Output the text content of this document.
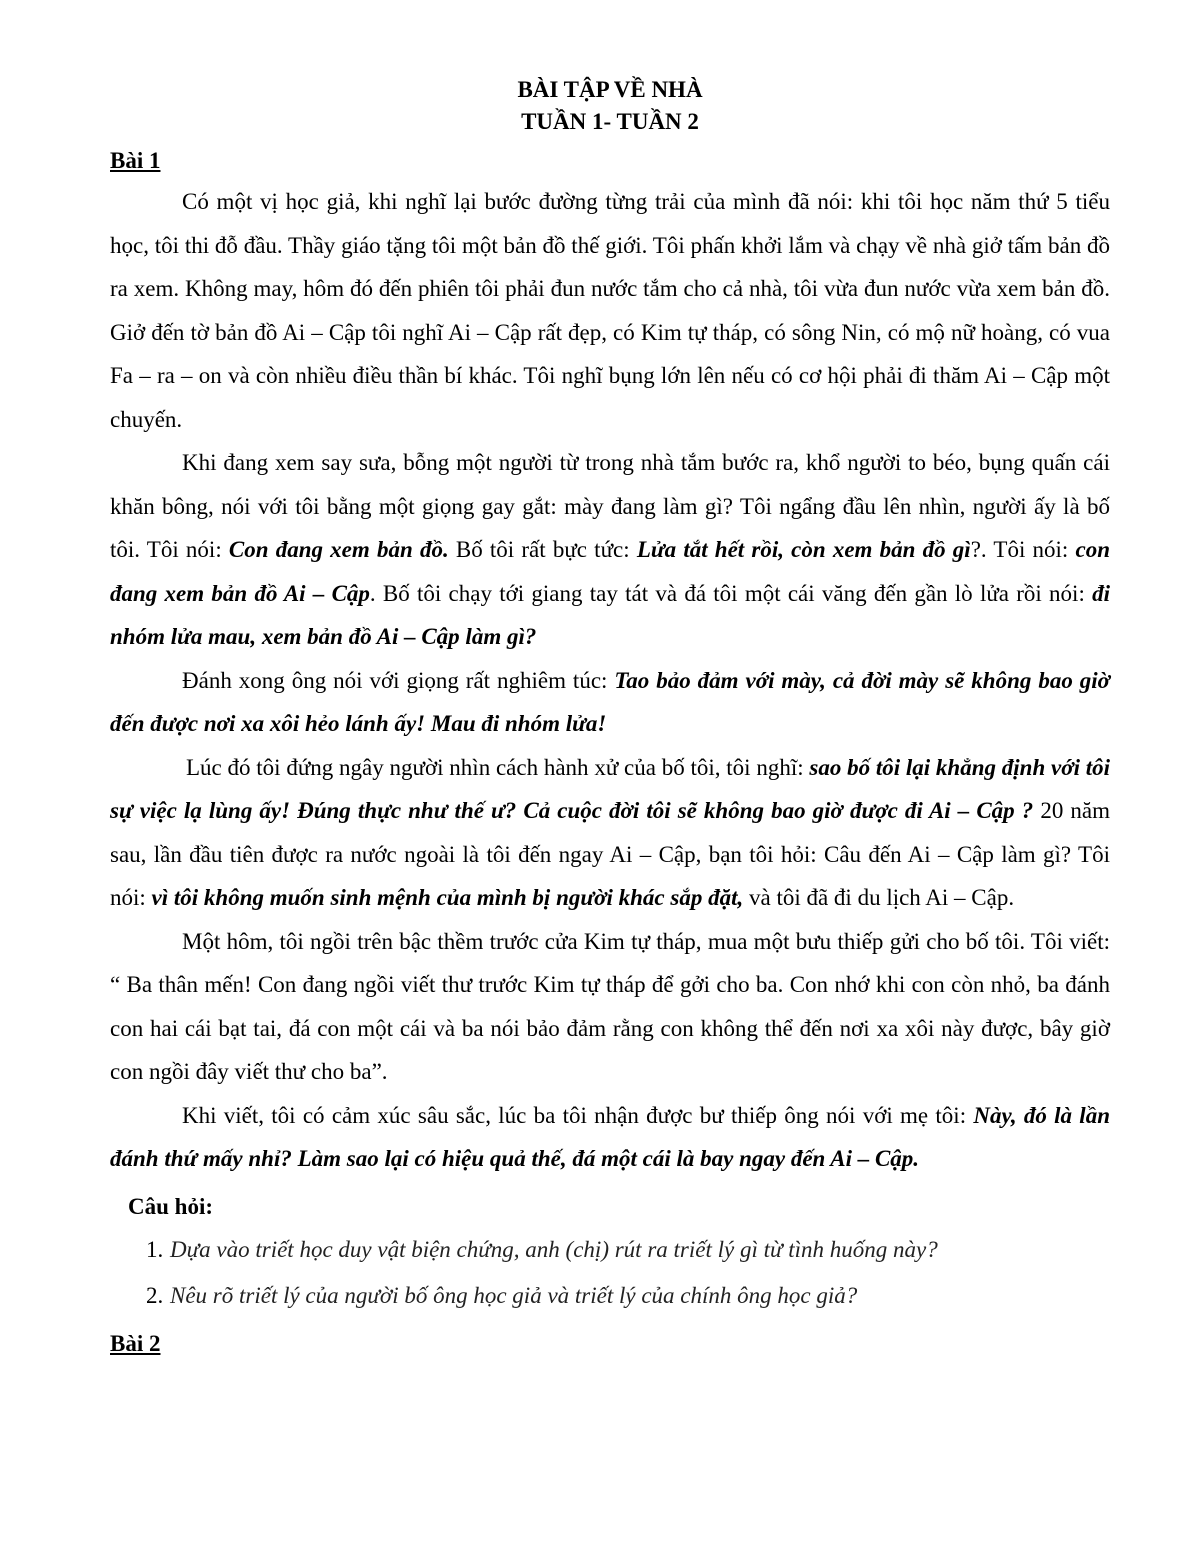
BÀI TẬP VỀ NHÀ
TUẦN 1- TUẦN 2
Bài 1

Có một vị học giả, khi nghĩ lại bước đường từng trải của mình đã nói: khi tôi học năm thứ 5 tiểu học, tôi thi đỗ đầu. Thầy giáo tặng tôi một bản đồ thế giới. Tôi phấn khởi lắm và chạy về nhà giở tấm bản đồ ra xem. Không may, hôm đó đến phiên tôi phải đun nước tắm cho cả nhà, tôi vừa đun nước vừa xem bản đồ. Giở đến tờ bản đồ Ai – Cập tôi nghĩ Ai – Cập rất đẹp, có Kim tự tháp, có sông Nin, có mộ nữ hoàng, có vua Fa – ra – on và còn nhiều điều thần bí khác. Tôi nghĩ bụng lớn lên nếu có cơ hội phải đi thăm Ai – Cập một chuyến.

Khi đang xem say sưa, bỗng một người từ trong nhà tắm bước ra, khổ người to béo, bụng quấn cái khăn bông, nói với tôi bằng một giọng gay gắt: mày đang làm gì? Tôi ngẩng đầu lên nhìn, người ấy là bố tôi. Tôi nói: Con đang xem bản đồ. Bố tôi rất bực tức: Lửa tắt hết rồi, còn xem bản đồ gì?. Tôi nói: con đang xem bản đồ Ai – Cập. Bố tôi chạy tới giang tay tát và đá tôi một cái văng đến gần lò lửa rồi nói: đi nhóm lửa mau, xem bản đồ Ai – Cập làm gì?

Đánh xong ông nói với giọng rất nghiêm túc: Tao bảo đảm với mày, cả đời mày sẽ không bao giờ đến được nơi xa xôi hẻo lánh ấy! Mau đi nhóm lửa!

Lúc đó tôi đứng ngây người nhìn cách hành xử của bố tôi, tôi nghĩ: sao bố tôi lại khẳng định với tôi sự việc lạ lùng ấy! Đúng thực như thế ư? Cả cuộc đời tôi sẽ không bao giờ được đi Ai – Cập ? 20 năm sau, lần đầu tiên được ra nước ngoài là tôi đến ngay Ai – Cập, bạn tôi hỏi: Câu đến Ai – Cập làm gì? Tôi nói: vì tôi không muốn sinh mệnh của mình bị người khác sắp đặt, và tôi đã đi du lịch Ai – Cập.

Một hôm, tôi ngồi trên bậc thềm trước cửa Kim tự tháp, mua một bưu thiếp gửi cho bố tôi. Tôi viết: “ Ba thân mến! Con đang ngồi viết thư trước Kim tự tháp để gởi cho ba. Con nhớ khi con còn nhỏ, ba đánh con hai cái bạt tai, đá con một cái và ba nói bảo đảm rằng con không thể đến nơi xa xôi này được, bây giờ con ngồi đây viết thư cho ba”.

Khi viết, tôi có cảm xúc sâu sắc, lúc ba tôi nhận được bư thiếp ông nói với mẹ tôi: Này, đó là lần đánh thứ mấy nhỉ? Làm sao lại có hiệu quả thế, đá một cái là bay ngay đến Ai – Cập.

Câu hỏi:
1. Dựa vào triết học duy vật biện chứng, anh (chị) rút ra triết lý gì từ tình huống này?
2. Nêu rõ triết lý của người bố ông học giả và triết lý của chính ông học giả?
Bài 2
